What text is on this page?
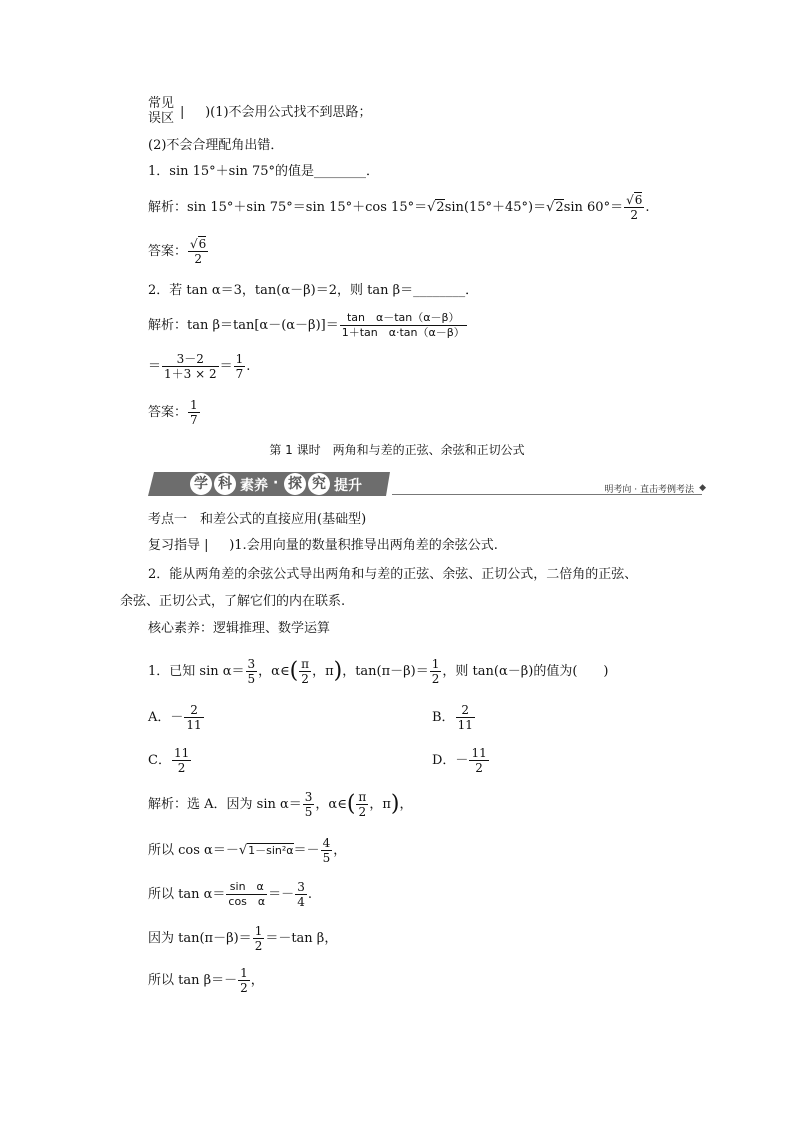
常见
误区 | )(1)不会用公式找不到思路；
(2)不会合理配角出错．
1．sin 15°＋sin 75°的值是________．
解析：sin 15°＋sin 75°＝sin 15°＋cos 15°＝√2sin(15°＋45°)＝√2sin $60^\circ= \frac{√6}{2}$ .
答案： $\frac{√6}{2}$
2．若 tan α＝3，tan(α－β)＝2，则 tan β＝________．
解析：$\tan \beta=\tan[\alpha-(\alpha-\beta)]= \frac{\text{tan　α－tan（α－β）}}{\text{1＋tan　α·tan（α－β）}}$
＝ $\frac{3-2}{1+3 \times 2} = \frac{1}{7}$ .
答案： $\frac{1}{7}$
第 1 课时　两角和与差的正弦、余弦和正切公式
学 科 素养 · 探 究 提升	明考向 · 直击考例考法 ◆
考点一　和差公式的直接应用(基础型)
复习指导 | )1.会用向量的数量积推导出两角差的余弦公式.
2．能从两角差的余弦公式导出两角和与差的正弦、余弦、正切公式，二倍角的正弦、
余弦、正切公式，了解它们的内在联系.
核心素养：逻辑推理、数学运算
1．已知 $\sin \alpha= \frac{3}{5}$ ，α∈( $\frac{\pi}{2}$ ，π)，$\tan(\pi-\beta)= \frac{1}{2}$ ，则 tan(α－β)的值为(　　)
A．－ $\frac{2}{11}$	B． $\frac{2}{11}$
C． $\frac{11}{2}$	D．－ $\frac{11}{2}$
解析：选 A．因为 $\sin \alpha= \frac{3}{5}$ ，α∈( $\frac{\pi}{2}$ ，π)，
所以 $\cos \alpha=-√1-\sin^2\alpha=- \frac{4}{5}$ ，
所以 $\tan \alpha= \frac{\text{sin　α}}{\text{cos　α}} =- \frac{3}{4}$ .
因为 $\tan(\pi-\beta)= \frac{1}{2} =-\tan$ β，
所以 $\tan \beta=- \frac{1}{2}$ ，
